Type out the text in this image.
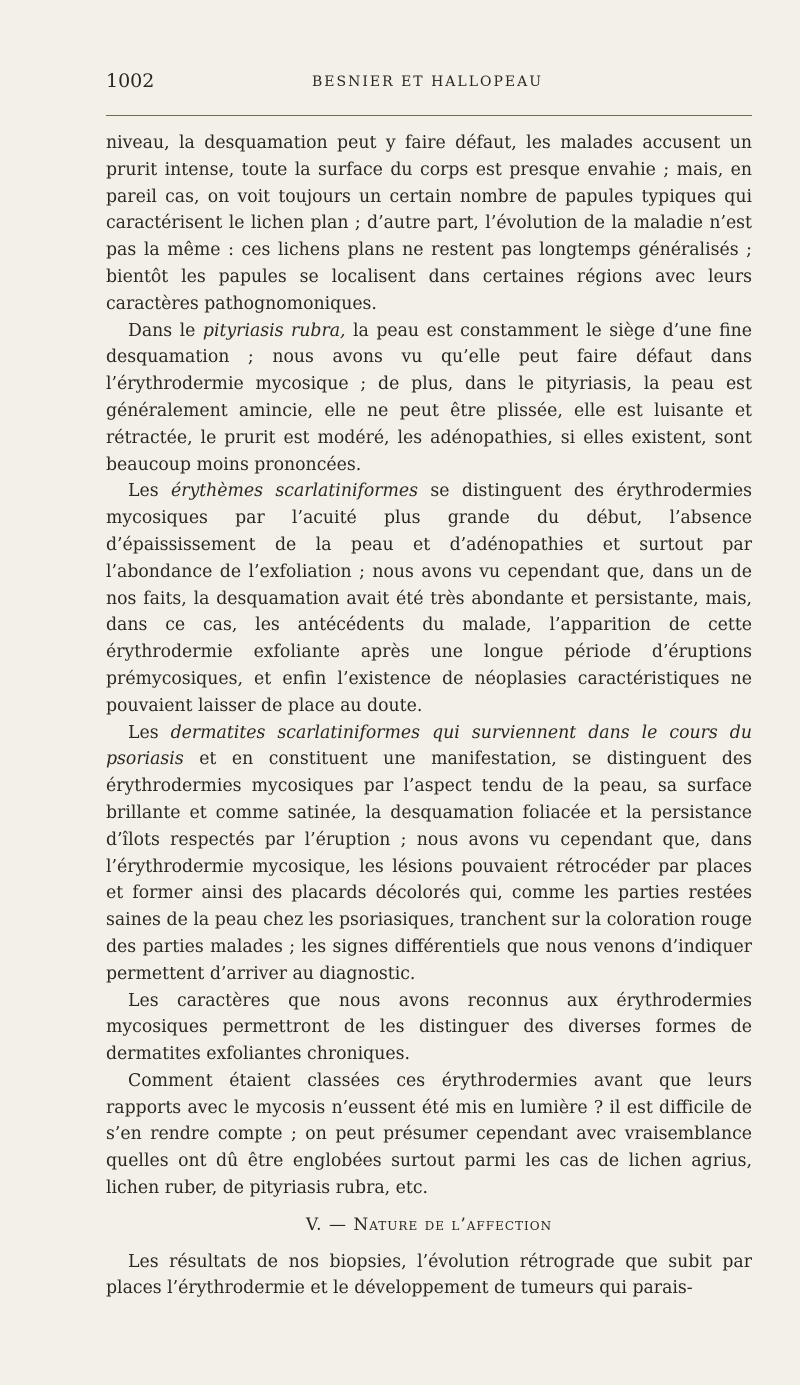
1002	BESNIER ET HALLOPEAU

niveau, la desquamation peut y faire défaut, les malades accusent un prurit intense, toute la surface du corps est presque envahie ; mais, en pareil cas, on voit toujours un certain nombre de papules typiques qui caractérisent le lichen plan ; d’autre part, l’évolution de la maladie n’est pas la même : ces lichens plans ne restent pas longtemps généralisés ; bientôt les papules se localisent dans certaines régions avec leurs caractères pathognomoniques.

Dans le pityriasis rubra, la peau est constamment le siège d’une fine desquamation ; nous avons vu qu’elle peut faire défaut dans l’érythrodermie mycosique ; de plus, dans le pityriasis, la peau est généralement amincie, elle ne peut être plissée, elle est luisante et rétractée, le prurit est modéré, les adénopathies, si elles existent, sont beaucoup moins prononcées.

Les érythèmes scarlatiniformes se distinguent des érythrodermies mycosiques par l’acuité plus grande du début, l’absence d’épaississement de la peau et d’adénopathies et surtout par l’abondance de l’exfoliation ; nous avons vu cependant que, dans un de nos faits, la desquamation avait été très abondante et persistante, mais, dans ce cas, les antécédents du malade, l’apparition de cette érythrodermie exfoliante après une longue période d’éruptions prémycosiques, et enfin l’existence de néoplasies caractéristiques ne pouvaient laisser de place au doute.

Les dermatites scarlatiniformes qui surviennent dans le cours du psoriasis et en constituent une manifestation, se distinguent des érythrodermies mycosiques par l’aspect tendu de la peau, sa surface brillante et comme satinée, la desquamation foliacée et la persistance d’îlots respectés par l’éruption ; nous avons vu cependant que, dans l’érythrodermie mycosique, les lésions pouvaient rétrocéder par places et former ainsi des placards décolorés qui, comme les parties restées saines de la peau chez les psoriasiques, tranchent sur la coloration rouge des parties malades ; les signes différentiels que nous venons d’indiquer permettent d’arriver au diagnostic.

Les caractères que nous avons reconnus aux érythrodermies mycosiques permettront de les distinguer des diverses formes de dermatites exfoliantes chroniques.

Comment étaient classées ces érythrodermies avant que leurs rapports avec le mycosis n’eussent été mis en lumière ? il est difficile de s’en rendre compte ; on peut présumer cependant avec vraisemblance quelles ont dû être englobées surtout parmi les cas de lichen agrius, lichen ruber, de pityriasis rubra, etc.

V. — Nature de l’affection

Les résultats de nos biopsies, l’évolution rétrograde que subit par places l’érythrodermie et le développement de tumeurs qui parais-
